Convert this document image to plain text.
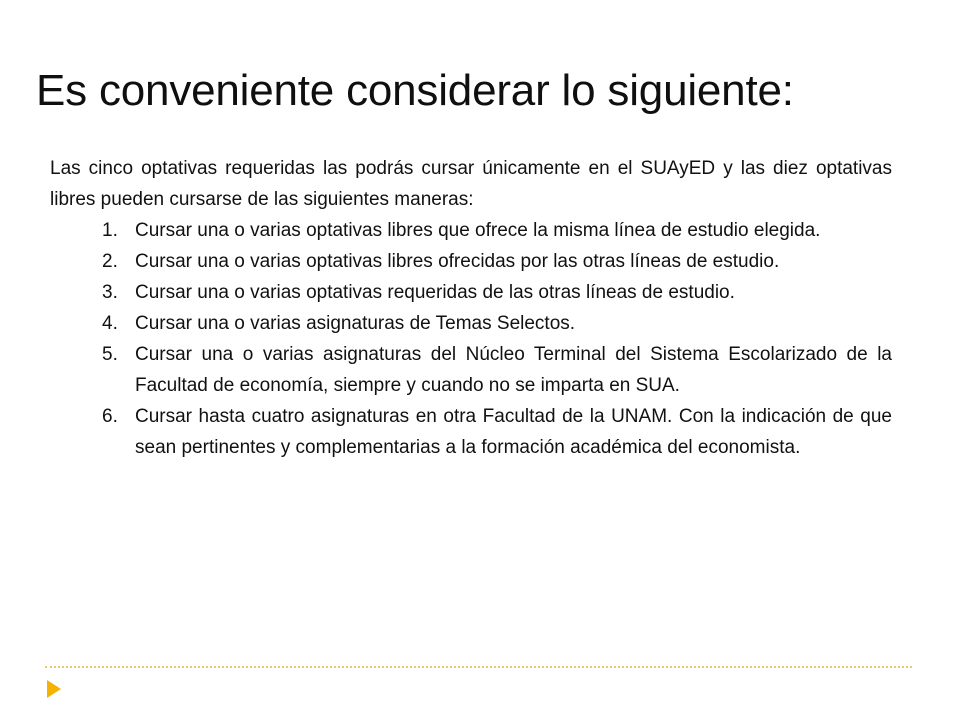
Es conveniente considerar lo siguiente:

Las cinco optativas requeridas las podrás cursar únicamente en el SUAyED y las diez optativas libres pueden cursarse de las siguientes maneras:

1. Cursar una o varias optativas libres que ofrece la misma línea de estudio elegida.
2. Cursar una o varias optativas libres ofrecidas por las otras líneas de estudio.
3. Cursar una o varias optativas requeridas de las otras líneas de estudio.
4. Cursar una o varias asignaturas de Temas Selectos.
5. Cursar una o varias asignaturas del Núcleo Terminal del Sistema Escolarizado de la Facultad de economía, siempre y cuando no se imparta en SUA.
6. Cursar hasta cuatro asignaturas en otra Facultad de la UNAM. Con la indicación de que sean pertinentes y complementarias a la formación académica del economista.
